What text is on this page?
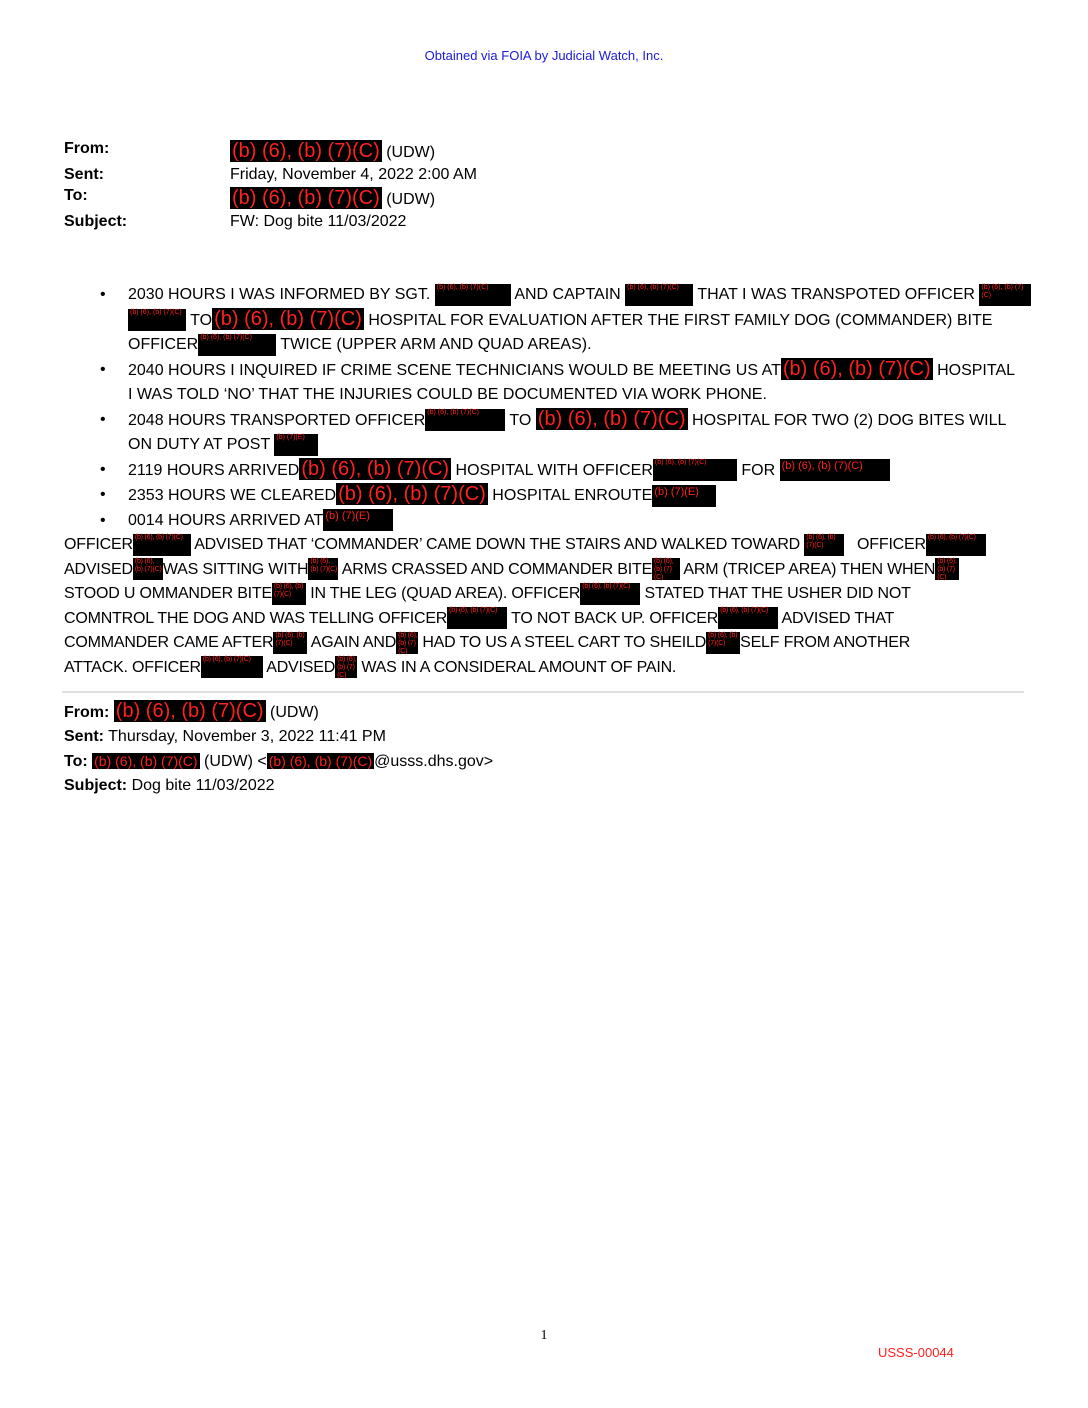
Obtained via FOIA by Judicial Watch, Inc.
From:	(b) (6), (b) (7)(C) (UDW)
Sent:	Friday, November 4, 2022 2:00 AM
To:	(b) (6), (b) (7)(C) (UDW)
Subject:	FW: Dog bite 11/03/2022
• 2030 HOURS I WAS INFORMED BY SGT. (b) (6), (b) (7)(C) AND CAPTAIN (b) (6), (b) (7)(C) THAT I WAS TRANSPOTED OFFICER (b) (6), (b) (7)(C)

(b) (6), (b) (7)(C) TO (b) (6), (b) (7)(C) HOSPITAL FOR EVALUATION AFTER THE FIRST FAMILY DOG (COMMANDER) BITE
OFFICER (b) (6), (b) (7)(C) TWICE (UPPER ARM AND QUAD AREAS).
• 2040 HOURS I INQUIRED IF CRIME SCENE TECHNICIANS WOULD BE MEETING US AT (b) (6), (b) (7)(C) HOSPITAL
I WAS TOLD ‘NO’ THAT THE INJURIES COULD BE DOCUMENTED VIA WORK PHONE.
• 2048 HOURS TRANSPORTED OFFICER (b) (6), (b) (7)(C) TO (b) (6), (b) (7)(C) HOSPITAL FOR TWO (2) DOG BITES WILL
ON DUTY AT POST (b) (7)(E)
• 2119 HOURS ARRIVED (b) (6), (b) (7)(C) HOSPITAL WITH OFFICER (b) (6), (b) (7)(C) FOR (b) (6), (b) (7)(C)
• 2353 HOURS WE CLEARED (b) (6), (b) (7)(C) HOSPITAL ENROUTE (b) (7)(E)
• 0014 HOURS ARRIVED AT (b) (7)(E)
OFFICER (b) (6), (b) (7)(C) ADVISED THAT ‘COMMANDER’ CAME DOWN THE STAIRS AND WALKED TOWARD (b) (6), (b) (7)(C)	OFFICER (b) (6), (b) (7)(C)

ADVISED (b) (6), (b) (7)(C) WAS SITTING WITH (b) (6), (b) (7)(C) ARMS CRASSED AND COMMANDER BITE (b) (6), (b) (7)(C)
ARM (TRICEP AREA) THEN WHEN (b) (6), (b) (7)(C)

STOOD U OMMANDER BITE (b) (6), (b) (7)(C)	IN THE LEG (QUAD AREA). OFFICER (b) (6), (b) (7)(C) STATED THAT THE USHER DID NOT
COMNTROL THE DOG AND WAS TELLING OFFICER (b) (6), (b) (7)(C) TO NOT BACK UP. OFFICER (b) (6), (b) (7)(C) ADVISED THAT
COMMANDER CAME AFTER (b) (6), (b) (7)(C)	AGAIN AND (b) (6), (b) (7)(C)
HAD TO US A STEEL CART TO SHEILD (b) (6), (b) (7)(C) SELF FROM ANOTHER
ATTACK. OFFICER (b) (6), (b) (7)(C) ADVISED (b) (6), (b) (7)(C)
WAS IN A CONSIDERAL AMOUNT OF PAIN.
From: (b) (6), (b) (7)(C) (UDW)
Sent: Thursday, November 3, 2022 11:41 PM
To: (b) (6), (b) (7)(C) (UDW) < (b) (6), (b) (7)(C) @usss.dhs.gov>
Subject: Dog bite 11/03/2022
1
USSS-00044
